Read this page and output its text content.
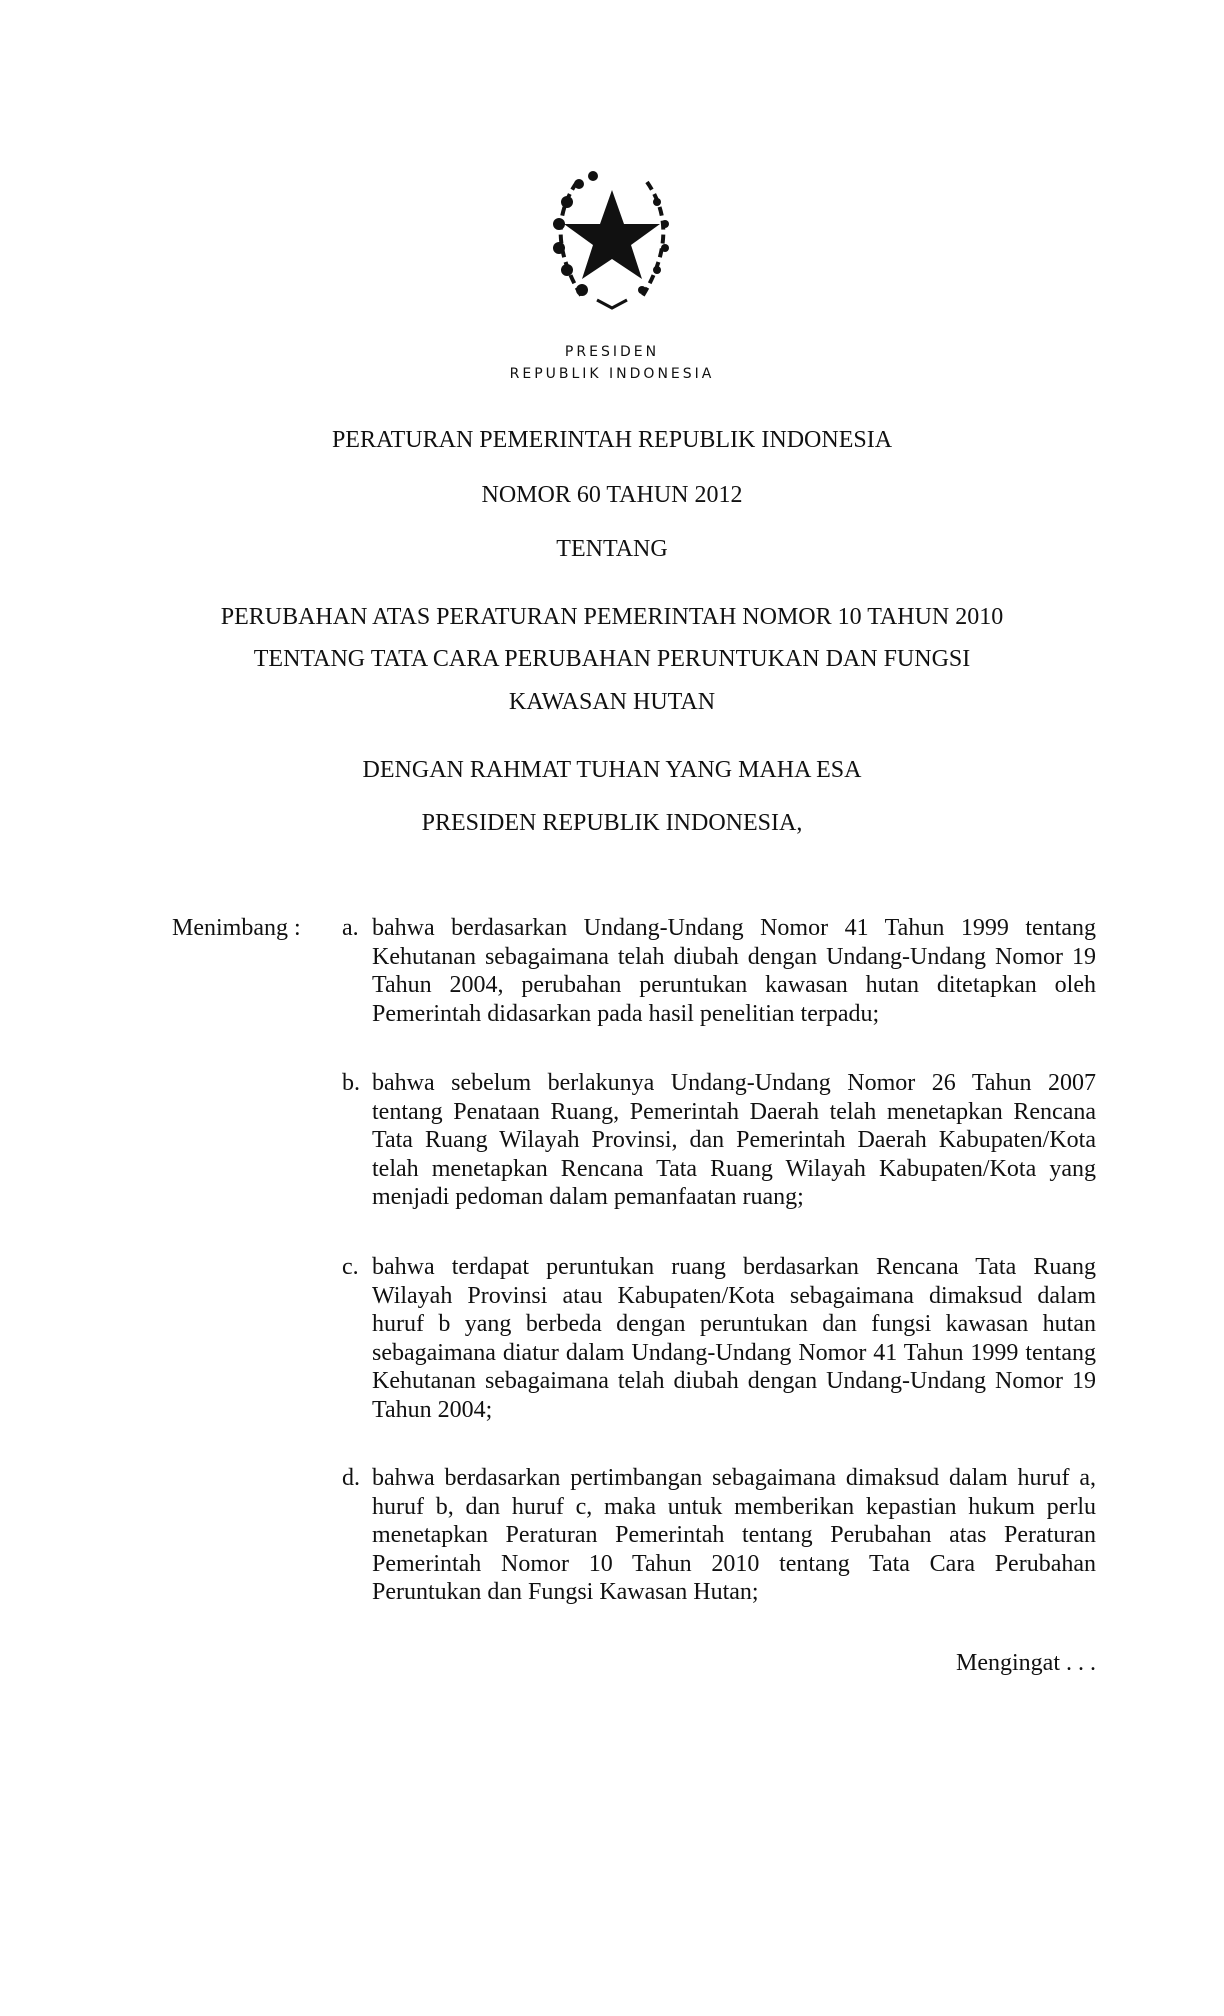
PRESIDEN
REPUBLIK INDONESIA
PERATURAN PEMERINTAH REPUBLIK INDONESIA
NOMOR 60 TAHUN 2012
TENTANG
PERUBAHAN ATAS PERATURAN PEMERINTAH NOMOR 10 TAHUN 2010
TENTANG TATA CARA PERUBAHAN PERUNTUKAN DAN FUNGSI
KAWASAN HUTAN
DENGAN RAHMAT TUHAN YANG MAHA ESA
PRESIDEN REPUBLIK INDONESIA,
Menimbang : a. bahwa berdasarkan Undang-Undang Nomor 41 Tahun 1999 tentang Kehutanan sebagaimana telah diubah dengan Undang-Undang Nomor 19 Tahun 2004, perubahan peruntukan kawasan hutan ditetapkan oleh Pemerintah didasarkan pada hasil penelitian terpadu;
b. bahwa sebelum berlakunya Undang-Undang Nomor 26 Tahun 2007 tentang Penataan Ruang, Pemerintah Daerah telah menetapkan Rencana Tata Ruang Wilayah Provinsi, dan Pemerintah Daerah Kabupaten/Kota telah menetapkan Rencana Tata Ruang Wilayah Kabupaten/Kota yang menjadi pedoman dalam pemanfaatan ruang;
c. bahwa terdapat peruntukan ruang berdasarkan Rencana Tata Ruang Wilayah Provinsi atau Kabupaten/Kota sebagaimana dimaksud dalam huruf b yang berbeda dengan peruntukan dan fungsi kawasan hutan sebagaimana diatur dalam Undang-Undang Nomor 41 Tahun 1999 tentang Kehutanan sebagaimana telah diubah dengan Undang-Undang Nomor 19 Tahun 2004;
d. bahwa berdasarkan pertimbangan sebagaimana dimaksud dalam huruf a, huruf b, dan huruf c, maka untuk memberikan kepastian hukum perlu menetapkan Peraturan Pemerintah tentang Perubahan atas Peraturan Pemerintah Nomor 10 Tahun 2010 tentang Tata Cara Perubahan Peruntukan dan Fungsi Kawasan Hutan;
Mengingat . . .
